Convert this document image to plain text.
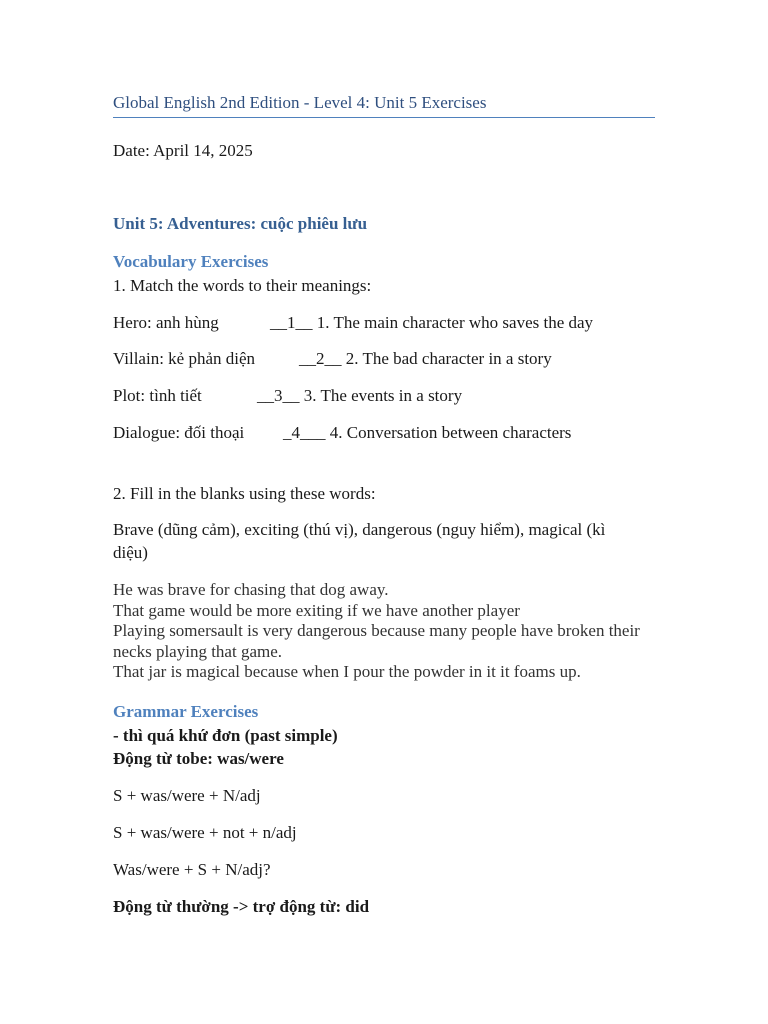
Global English 2nd Edition - Level 4: Unit 5 Exercises
Date: April 14, 2025
Unit 5: Adventures: cuộc phiêu lưu
Vocabulary Exercises
1. Match the words to their meanings:
Hero: anh hùng	__1__ 1. The main character who saves the day
Villain: kẻ phản diện	__2__ 2. The bad character in a story
Plot: tình tiết	__3__ 3. The events in a story
Dialogue: đối thoại _4___ 4. Conversation between characters
2. Fill in the blanks using these words:
Brave (dũng cảm), exciting (thú vị), dangerous (nguy hiểm), magical (kì diệu)
He was brave for chasing that dog away.
That game would be more exiting if we have another player
Playing somersault is very dangerous because many people have broken their necks playing that game.
That jar is magical because when I pour the powder in it it foams up.
Grammar Exercises
- thì quá khứ đơn (past simple)
Động từ tobe: was/were
S + was/were + N/adj
S + was/were + not + n/adj
Was/were + S + N/adj?
Động từ thường -> trợ động từ: did
